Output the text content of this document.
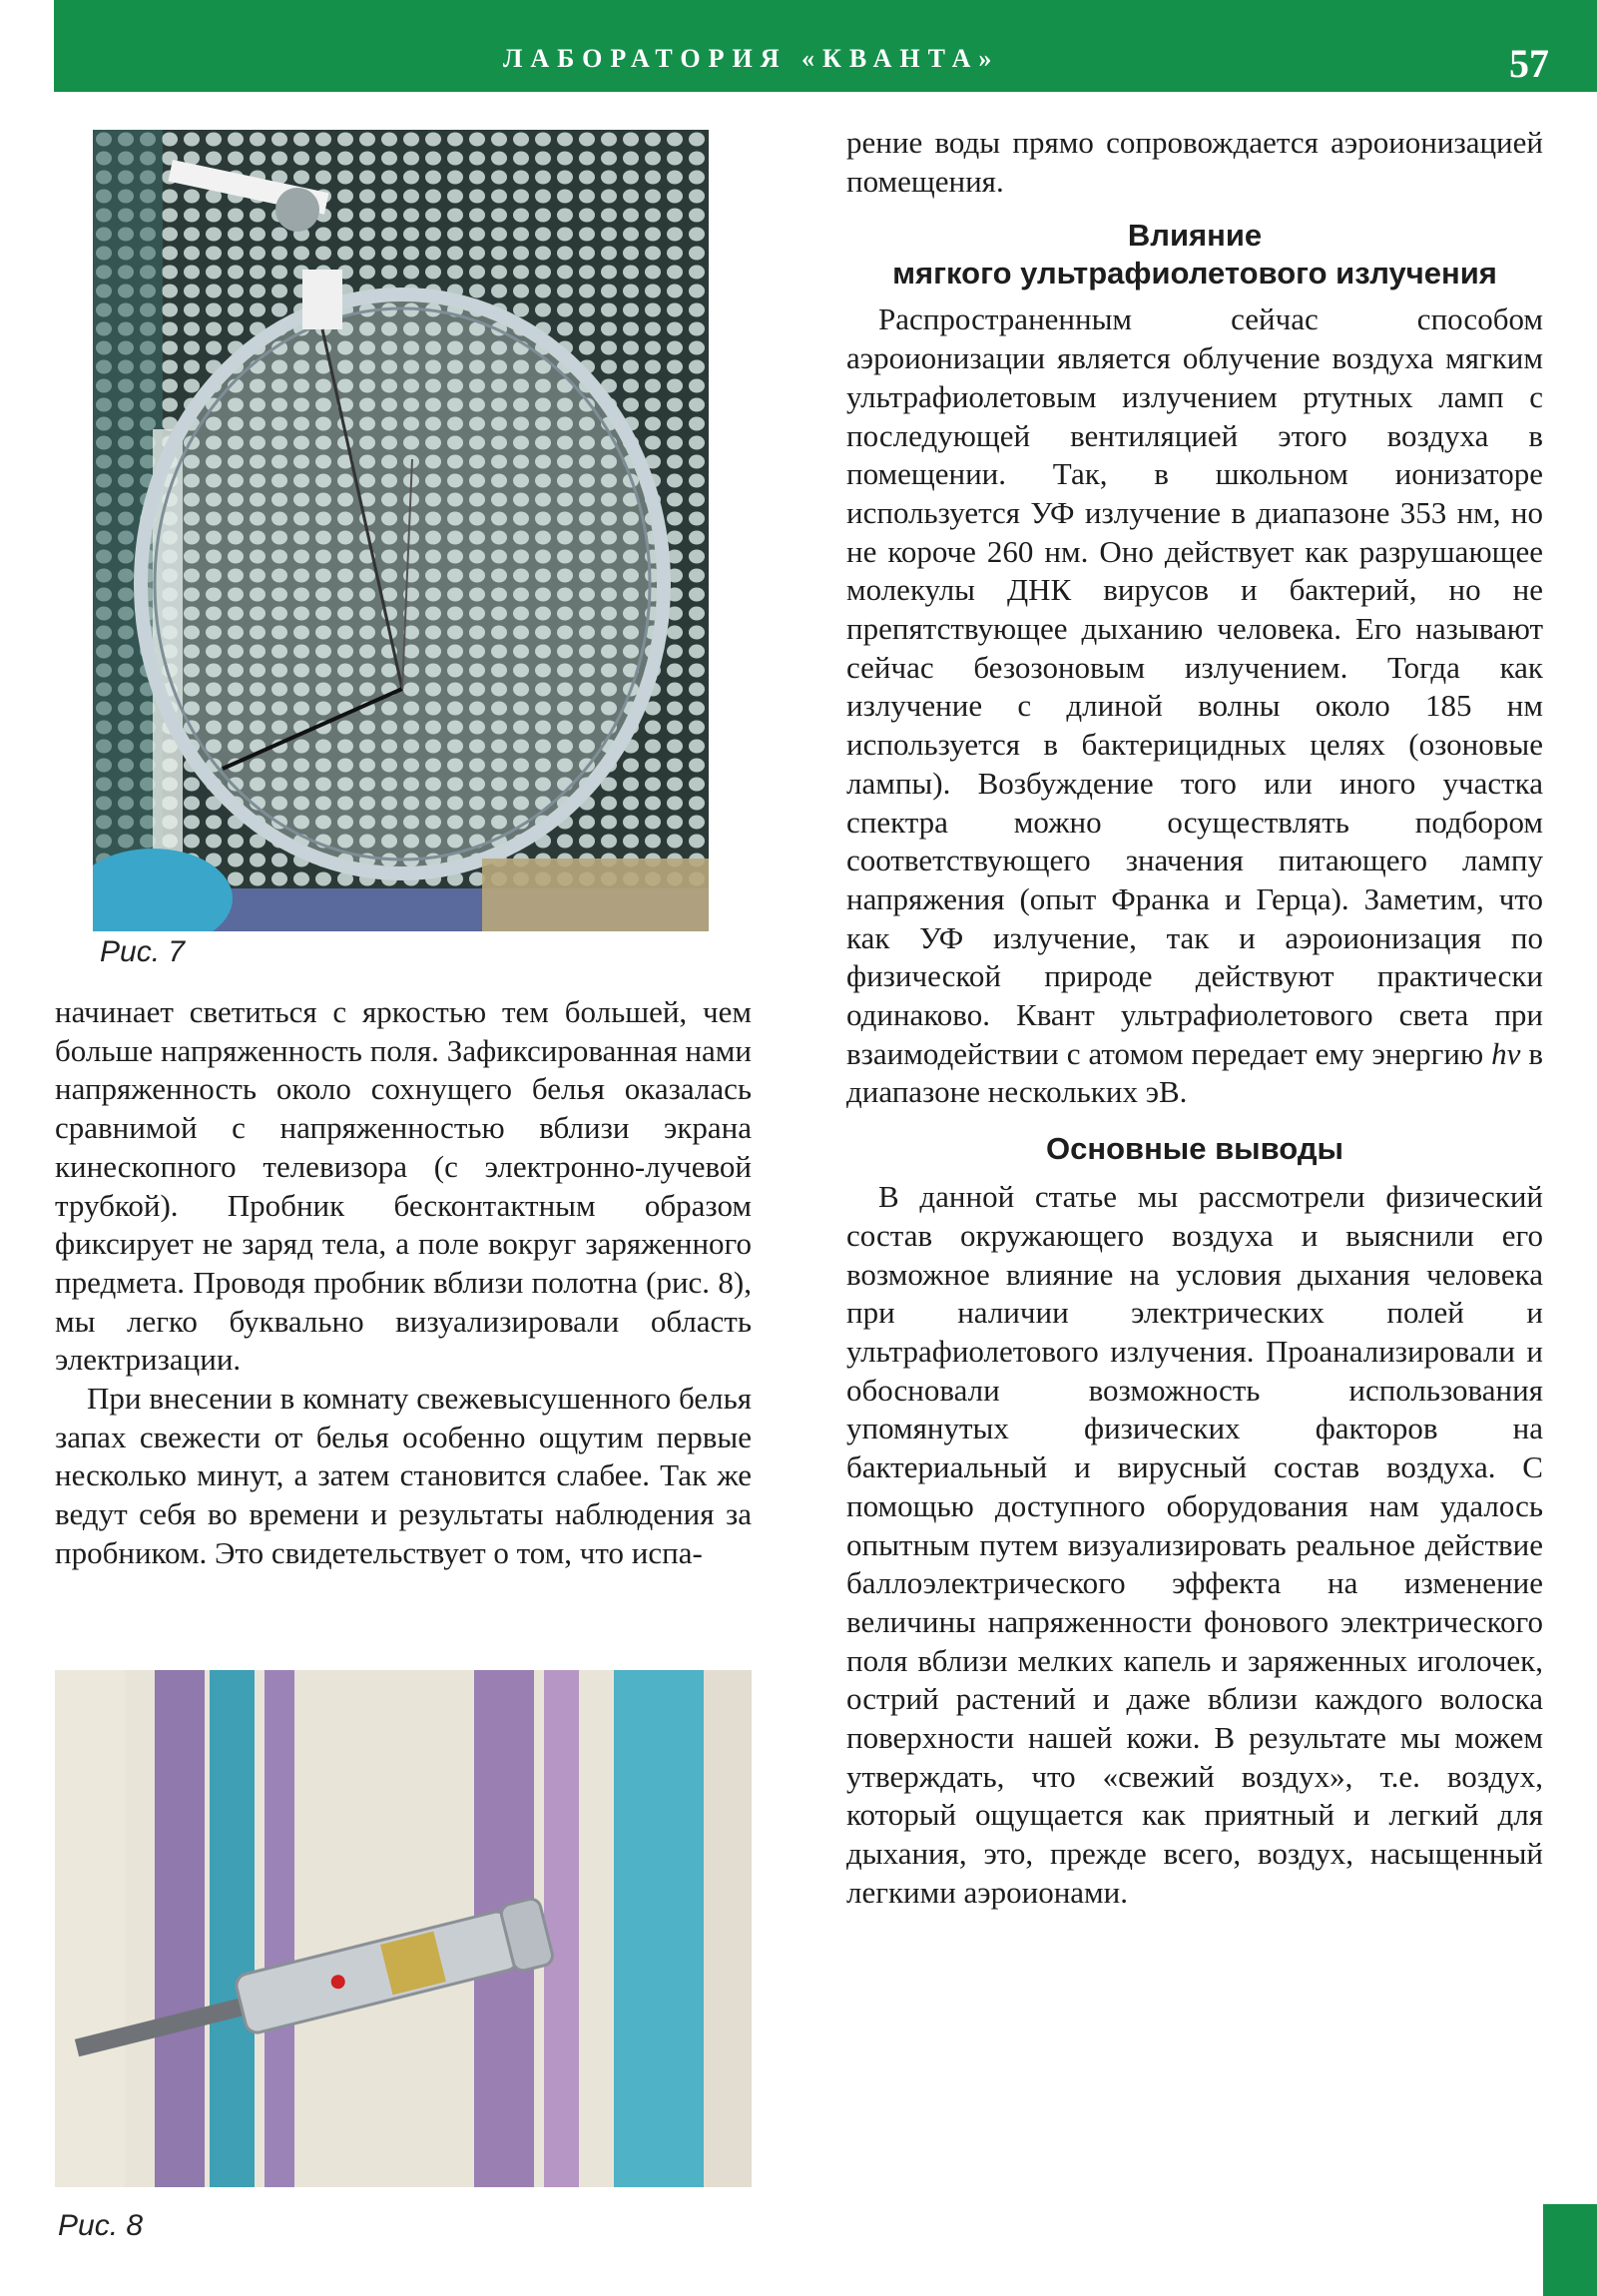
ЛАБОРАТОРИЯ «КВАНТА»	57
Рис. 7

начинает светиться с яркостью тем большей, чем больше напряженность поля. Зафиксированная нами напряженность около сохнущего белья оказалась сравнимой с напряженностью вблизи экрана кинескопного телевизора (с электронно-лучевой трубкой). Пробник бесконтактным образом фиксирует не заряд тела, а поле вокруг заряженного предмета. Проводя пробник вблизи полотна (рис. 8), мы легко буквально визуализировали область электризации.

При внесении в комнату свежевысушенного белья запах свежести от белья особенно ощутим первые несколько минут, а затем становится слабее. Так же ведут себя во времени и результаты наблюдения за пробником. Это свидетельствует о том, что испа-

Рис. 8

рение воды прямо сопровождается аэроионизацией помещения.

Влияние
мягкого ультрафиолетового излучения

Распространенным сейчас способом аэроионизации является облучение воздуха мягким ультрафиолетовым излучением ртутных ламп с последующей вентиляцией этого воздуха в помещении. Так, в школьном ионизаторе используется УФ излучение в диапазоне 353 нм, но не короче 260 нм. Оно действует как разрушающее молекулы ДНК вирусов и бактерий, но не препятствующее дыханию человека. Его называют сейчас безозоновым излучением. Тогда как излучение с длиной волны около 185 нм используется в бактерицидных целях (озоновые лампы). Возбуждение того или иного участка спектра можно осуществлять подбором соответствующего значения питающего лампу напряжения (опыт Франка и Герца). Заметим, что как УФ излучение, так и аэроионизация по физической природе действуют практически одинаково. Квант ультрафиолетового света при взаимодействии с атомом передает ему энергию hν в диапазоне нескольких эВ.

Основные выводы

В данной статье мы рассмотрели физический состав окружающего воздуха и выяснили его возможное влияние на условия дыхания человека при наличии электрических полей и ультрафиолетового излучения. Проанализировали и обосновали возможность использования упомянутых физических факторов на бактериальный и вирусный состав воздуха. С помощью доступного оборудования нам удалось опытным путем визуализировать реальное действие баллоэлектрического эффекта на изменение величины напряженности фонового электрического поля вблизи мелких капель и заряженных иголочек, острий растений и даже вблизи каждого волоска поверхности нашей кожи. В результате мы можем утверждать, что «свежий воздух», т.е. воздух, который ощущается как приятный и легкий для дыхания, это, прежде всего, воздух, насыщенный легкими аэроионами.
